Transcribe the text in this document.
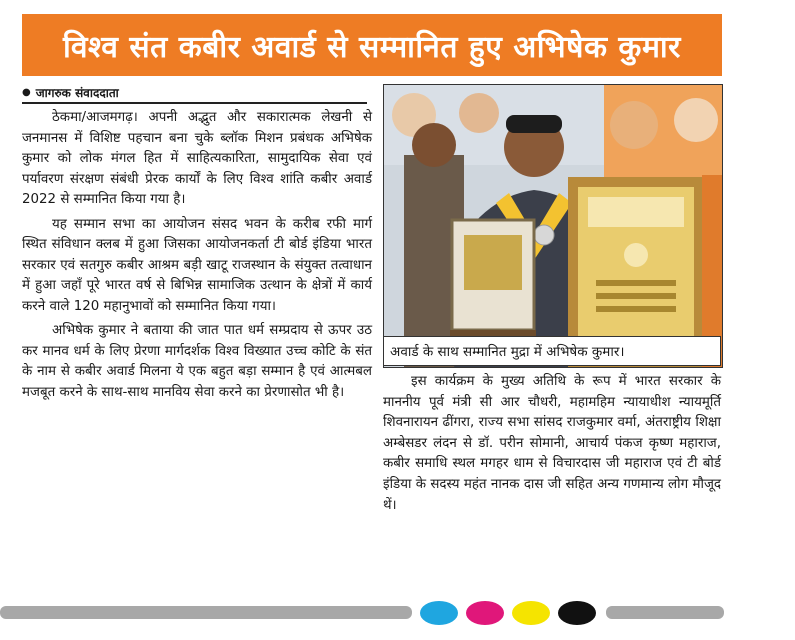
विश्व संत कबीर अवार्ड से सम्मानित हुए अभिषेक कुमार
● जागरुक संवाददाता

ठेकमा/आजमगढ़। अपनी अद्भुत और सकारात्मक लेखनी से जनमानस में विशिष्ट पहचान बना चुके ब्लॉक मिशन प्रबंधक अभिषेक कुमार को लोक मंगल हित में साहित्यकारिता, सामुदायिक सेवा एवं पर्यावरण संरक्षण संबंधी प्रेरक कार्यों के लिए विश्व शांति कबीर अवार्ड 2022 से सम्मानित किया गया है।

यह सम्मान सभा का आयोजन संसद भवन के करीब रफी मार्ग स्थित संविधान क्लब में हुआ जिसका आयोजनकर्ता टी बोर्ड इंडिया भारत सरकार एवं सतगुरु कबीर आश्रम बड़ी खाटू राजस्थान के संयुक्त तत्वाधान में हुआ जहाँ पूरे भारत वर्ष से बिभिन्न सामाजिक उत्थान के क्षेत्रों में कार्य करने वाले 120 महानुभावों को सम्मानित किया गया।

अभिषेक कुमार ने बताया की जात पात धर्म सम्प्रदाय से ऊपर उठ कर मानव धर्म के लिए प्रेरणा मार्गदर्शक विश्व विख्यात उच्च कोटि के संत के नाम से कबीर अवार्ड मिलना ये एक बहुत बड़ा सम्मान है एवं आत्मबल मजबूत करने के साथ-साथ मानविय सेवा करने का प्रेरणासोत भी है।

अवार्ड के साथ सम्मानित मुद्रा में अभिषेक कुमार।

इस कार्यक्रम के मुख्य अतिथि के रूप में भारत सरकार के माननीय पूर्व मंत्री सी आर चौधरी, महामहिम न्यायाधीश न्यायमूर्ति शिवनारायन ढींगरा, राज्य सभा सांसद राजकुमार वर्मा, अंतराष्ट्रीय शिक्षा अम्बेसडर लंदन से डॉ. परीन सोमानी, आचार्य पंकज कृष्ण महाराज, कबीर समाधि स्थल मगहर धाम से विचारदास जी महाराज एवं टी बोर्ड इंडिया के सदस्य महंत नानक दास जी सहित अन्य गणमान्य लोग मौजूद थें।
